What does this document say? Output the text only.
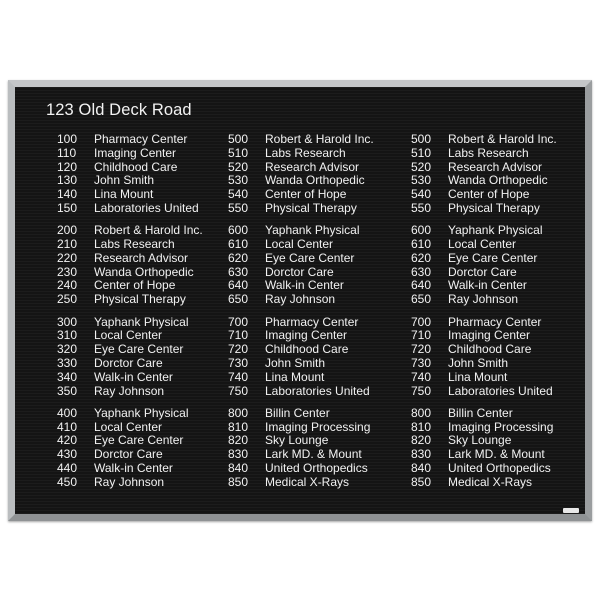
123 Old Deck Road
100	Pharmacy Center
110	Imaging Center
120	Childhood Care
130	John Smith
140	Lina Mount
150	Laboratories United
200	Robert & Harold Inc.
210	Labs Research
220	Research Advisor
230	Wanda Orthopedic
240	Center of Hope
250	Physical Therapy
300	Yaphank Physical
310	Local Center
320	Eye Care Center
330	Dorctor Care
340	Walk-in Center
350	Ray Johnson
400	Yaphank Physical
410	Local Center
420	Eye Care Center
430	Dorctor Care
440	Walk-in Center
450	Ray Johnson
500	Robert & Harold Inc.
510	Labs Research
520	Research Advisor
530	Wanda Orthopedic
540	Center of Hope
550	Physical Therapy
600	Yaphank Physical
610	Local Center
620	Eye Care Center
630	Dorctor Care
640	Walk-in Center
650	Ray Johnson
700	Pharmacy Center
710	Imaging Center
720	Childhood Care
730	John Smith
740	Lina Mount
750	Laboratories United
800	Billin Center
810	Imaging Processing
820	Sky Lounge
830	Lark MD. & Mount
840	United Orthopedics
850	Medical X-Rays
500	Robert & Harold Inc.
510	Labs Research
520	Research Advisor
530	Wanda Orthopedic
540	Center of Hope
550	Physical Therapy
600	Yaphank Physical
610	Local Center
620	Eye Care Center
630	Dorctor Care
640	Walk-in Center
650	Ray Johnson
700	Pharmacy Center
710	Imaging Center
720	Childhood Care
730	John Smith
740	Lina Mount
750	Laboratories United
800	Billin Center
810	Imaging Processing
820	Sky Lounge
830	Lark MD. & Mount
840	United Orthopedics
850	Medical X-Rays
